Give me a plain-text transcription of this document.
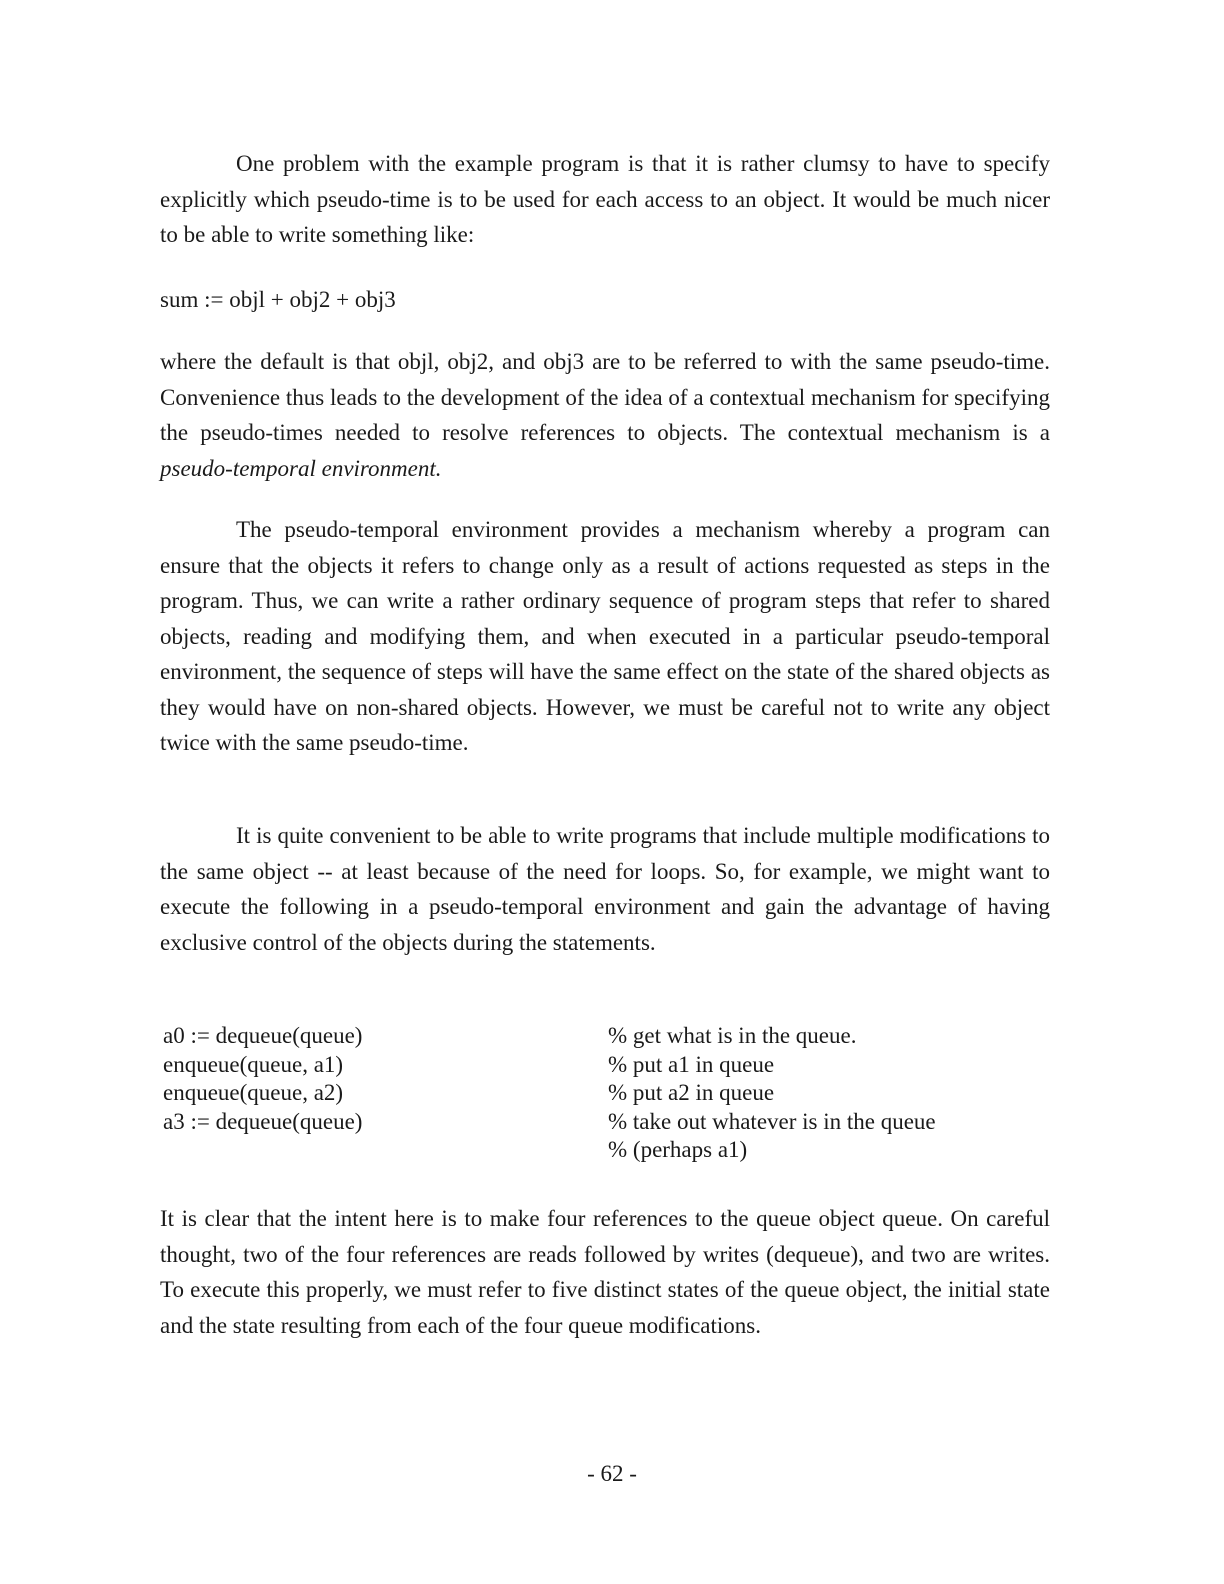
One problem with the example program is that it is rather clumsy to have to specify explicitly which pseudo-time is to be used for each access to an object. It would be much nicer to be able to write something like:

sum := objl + obj2 + obj3

where the default is that objl, obj2, and obj3 are to be referred to with the same pseudo-time. Convenience thus leads to the development of the idea of a contextual mechanism for specifying the pseudo-times needed to resolve references to objects. The contextual mechanism is a pseudo-temporal environment.

The pseudo-temporal environment provides a mechanism whereby a program can ensure that the objects it refers to change only as a result of actions requested as steps in the program. Thus, we can write a rather ordinary sequence of program steps that refer to shared objects, reading and modifying them, and when executed in a particular pseudo-temporal environment, the sequence of steps will have the same effect on the state of the shared objects as they would have on non-shared objects. However, we must be careful not to write any object twice with the same pseudo-time.

It is quite convenient to be able to write programs that include multiple modifications to the same object -- at least because of the need for loops. So, for example, we might want to execute the following in a pseudo-temporal environment and gain the advantage of having exclusive control of the objects during the statements.

a0 := dequeue(queue)	% get what is in the queue.
enqueue(queue, a1)	% put a1 in queue
enqueue(queue, a2)	% put a2 in queue
a3 := dequeue(queue)	% take out whatever is in the queue
% (perhaps a1)

It is clear that the intent here is to make four references to the queue object queue. On careful thought, two of the four references are reads followed by writes (dequeue), and two are writes. To execute this properly, we must refer to five distinct states of the queue object, the initial state and the state resulting from each of the four queue modifications.

- 62 -
